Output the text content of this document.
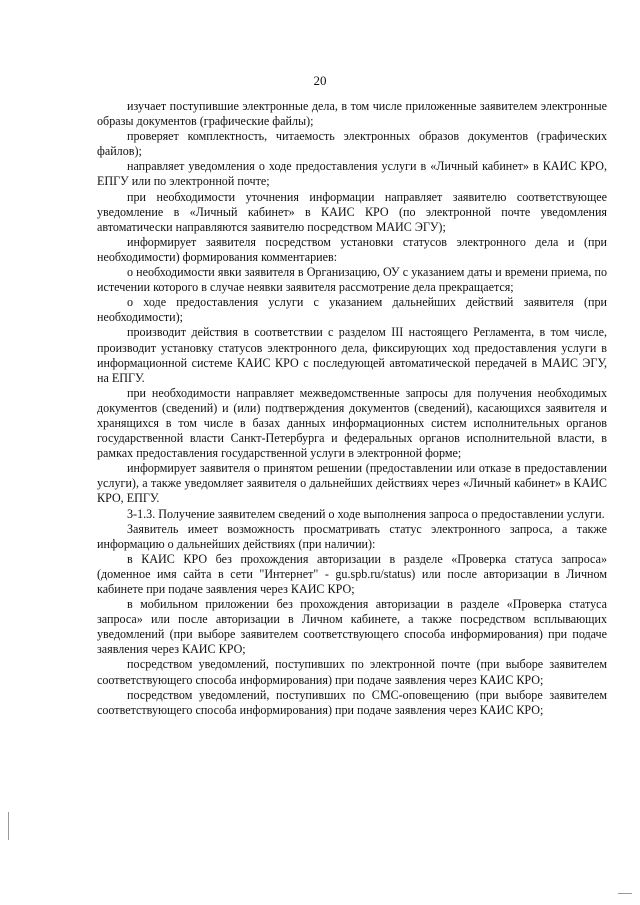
20

изучает поступившие электронные дела, в том числе приложенные заявителем электронные образы документов (графические файлы);

проверяет комплектность, читаемость электронных образов документов (графических файлов);

направляет уведомления о ходе предоставления услуги в «Личный кабинет» в КАИС КРО, ЕПГУ или по электронной почте;

при необходимости уточнения информации направляет заявителю соответствующее уведомление в «Личный кабинет» в КАИС КРО (по электронной почте уведомления автоматически направляются заявителю посредством МАИС ЭГУ);

информирует заявителя посредством установки статусов электронного дела и (при необходимости) формирования комментариев:

о необходимости явки заявителя в Организацию, ОУ с указанием даты и времени приема, по истечении которого в случае неявки заявителя рассмотрение дела прекращается;

о ходе предоставления услуги с указанием дальнейших действий заявителя (при необходимости);

производит действия в соответствии с разделом III настоящего Регламента, в том числе, производит установку статусов электронного дела, фиксирующих ход предоставления услуги в информационной системе КАИС КРО с последующей автоматической передачей в МАИС ЭГУ, на ЕПГУ.

при необходимости направляет межведомственные запросы для получения необходимых документов (сведений) и (или) подтверждения документов (сведений), касающихся заявителя и хранящихся в том числе в базах данных информационных систем исполнительных органов государственной власти Санкт-Петербурга и федеральных органов исполнительной власти, в рамках предоставления государственной услуги в электронной форме;

информирует заявителя о принятом решении (предоставлении или отказе в предоставлении услуги), а также уведомляет заявителя о дальнейших действиях через «Личный кабинет» в КАИС КРО, ЕПГУ.

3-1.3. Получение заявителем сведений о ходе выполнения запроса о предоставлении услуги.

Заявитель имеет возможность просматривать статус электронного запроса, а также информацию о дальнейших действиях (при наличии):

в КАИС КРО без прохождения авторизации в разделе «Проверка статуса запроса» (доменное имя сайта в сети "Интернет" - gu.spb.ru/status) или после авторизации в Личном кабинете при подаче заявления через КАИС КРО;

в мобильном приложении без прохождения авторизации в разделе «Проверка статуса запроса» или после авторизации в Личном кабинете, а также посредством всплывающих уведомлений (при выборе заявителем соответствующего способа информирования) при подаче заявления через КАИС КРО;

посредством уведомлений, поступивших по электронной почте (при выборе заявителем соответствующего способа информирования) при подаче заявления через КАИС КРО;

посредством уведомлений, поступивших по СМС-оповещению (при выборе заявителем соответствующего способа информирования) при подаче заявления через КАИС КРО;
